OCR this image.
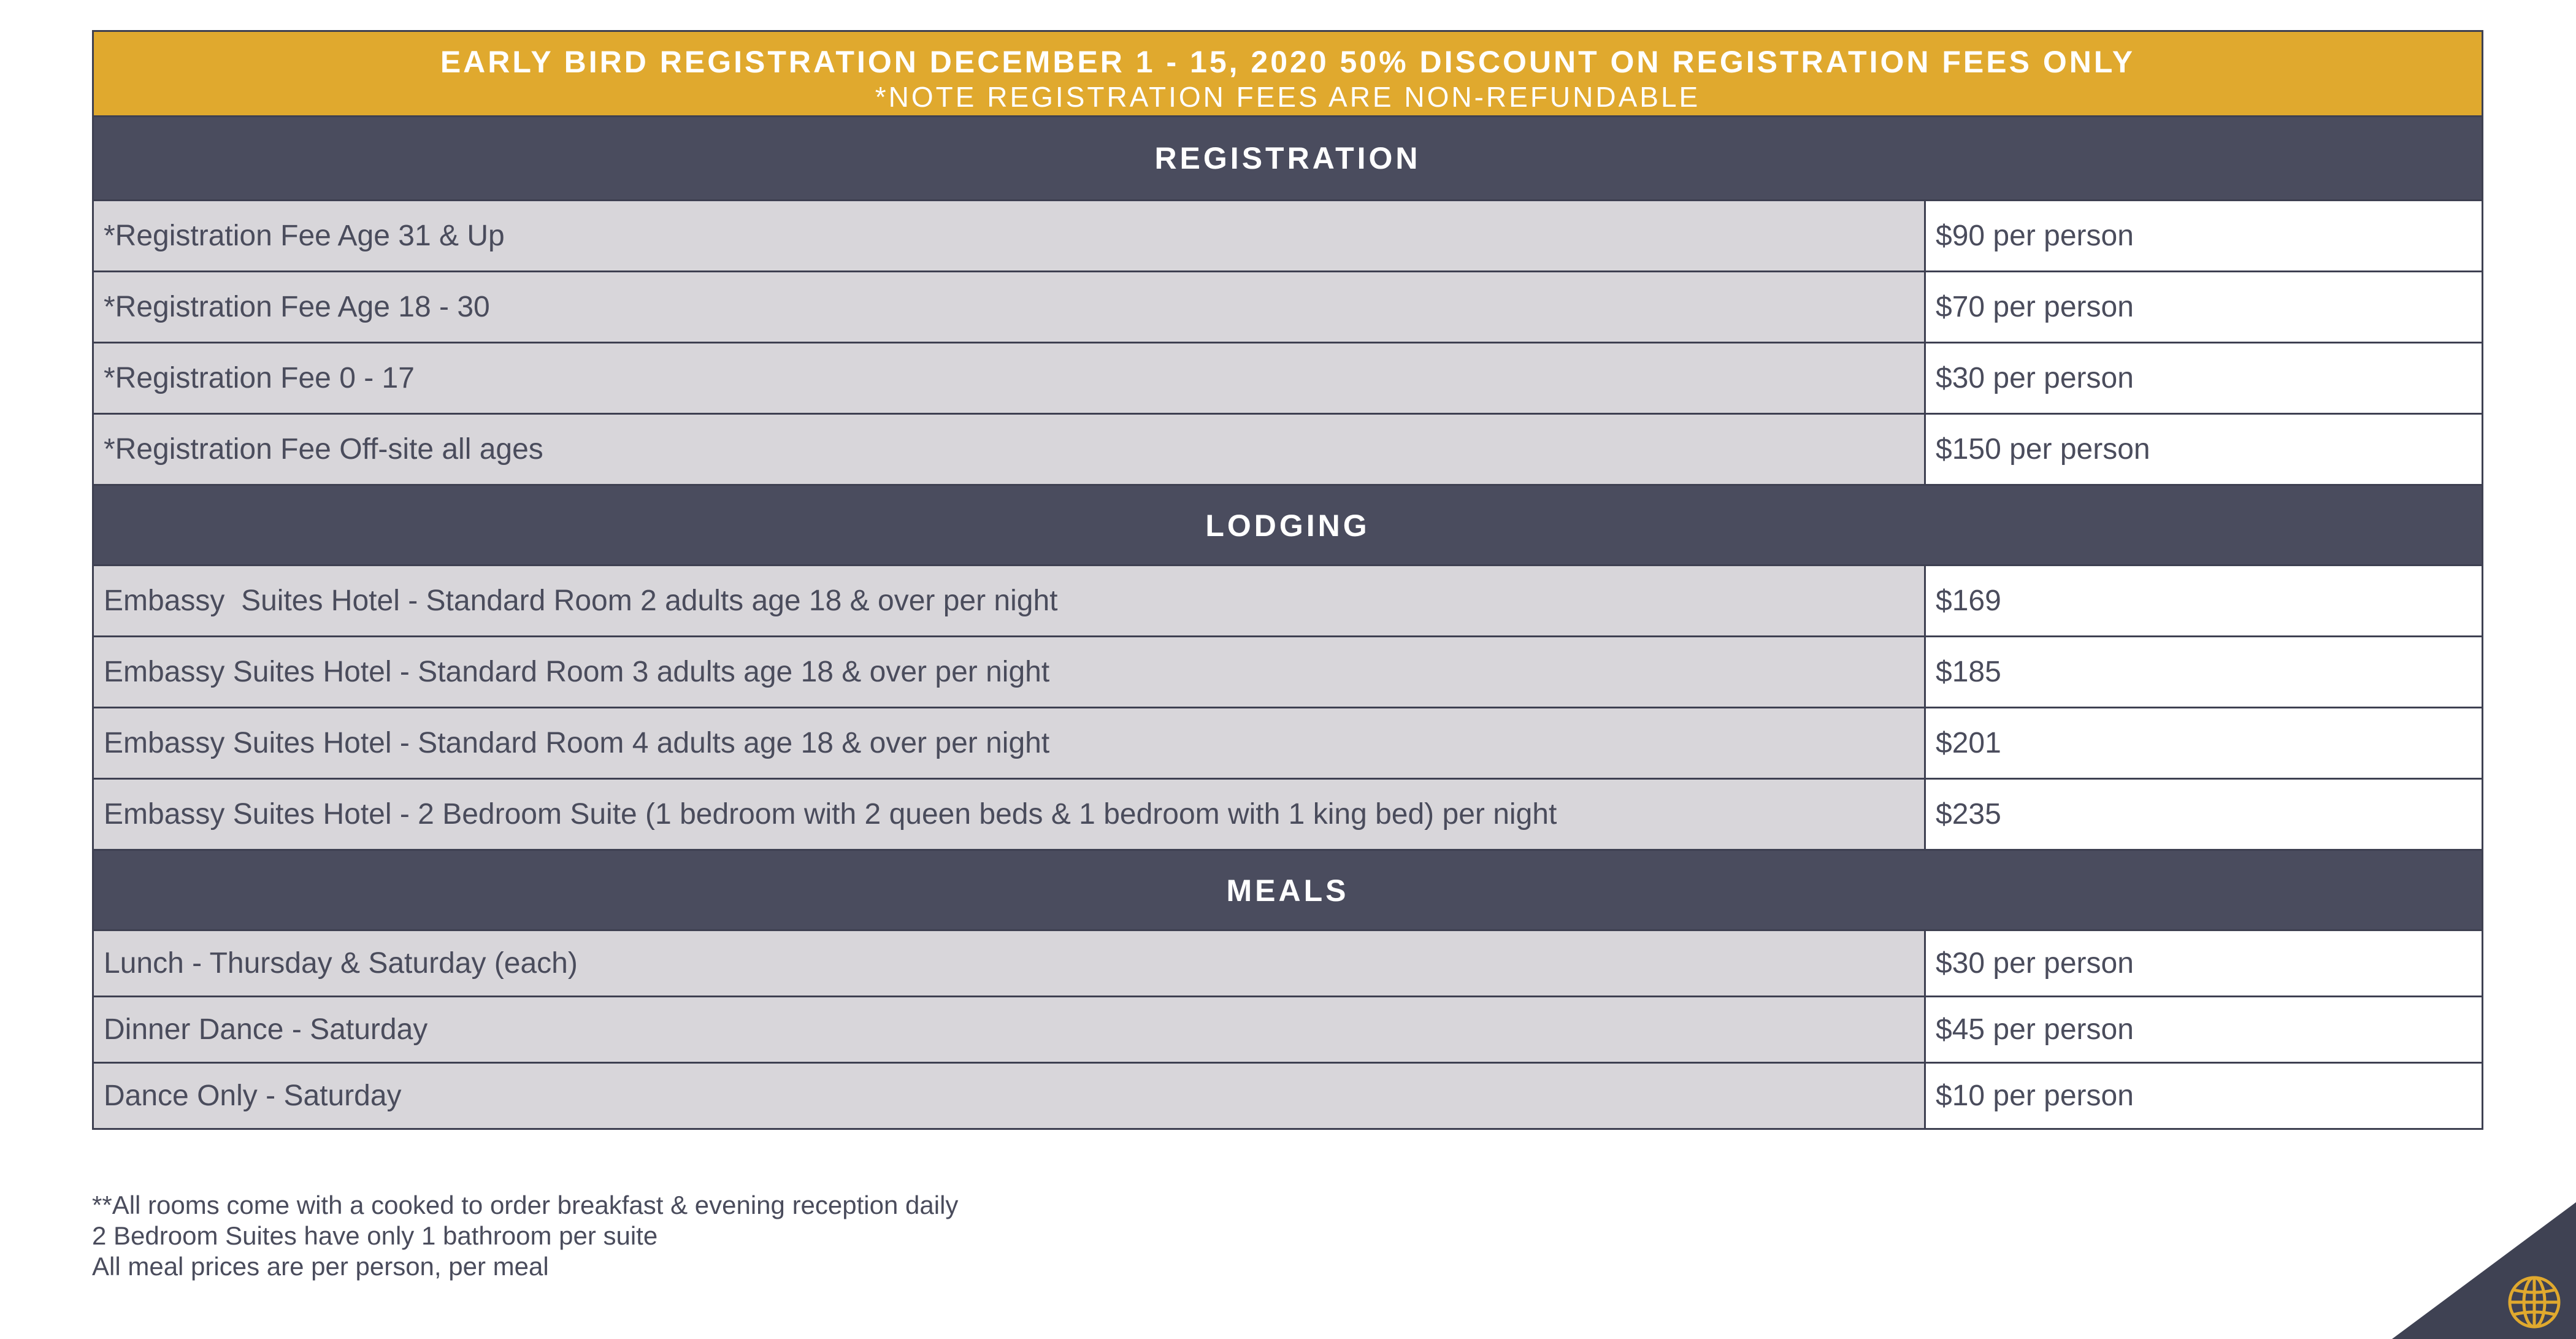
EARLY BIRD REGISTRATION DECEMBER 1 - 15, 2020 50% DISCOUNT ON REGISTRATION FEES ONLY
*NOTE REGISTRATION FEES ARE NON-REFUNDABLE
REGISTRATION
*Registration Fee Age 31 & Up	$90 per person
*Registration Fee Age 18 - 30	$70 per person
*Registration Fee 0 - 17	$30 per person
*Registration Fee Off-site all ages	$150 per person
LODGING
Embassy  Suites Hotel - Standard Room 2 adults age 18 & over per night	$169
Embassy Suites Hotel - Standard Room 3 adults age 18 & over per night	$185
Embassy Suites Hotel - Standard Room 4 adults age 18 & over per night	$201
Embassy Suites Hotel - 2 Bedroom Suite (1 bedroom with 2 queen beds & 1 bedroom with 1 king bed) per night	$235
MEALS
Lunch - Thursday & Saturday (each)	$30 per person
Dinner Dance - Saturday	$45 per person
Dance Only - Saturday	$10 per person
**All rooms come with a cooked to order breakfast & evening reception daily
2 Bedroom Suites have only 1 bathroom per suite
All meal prices are per person, per meal
